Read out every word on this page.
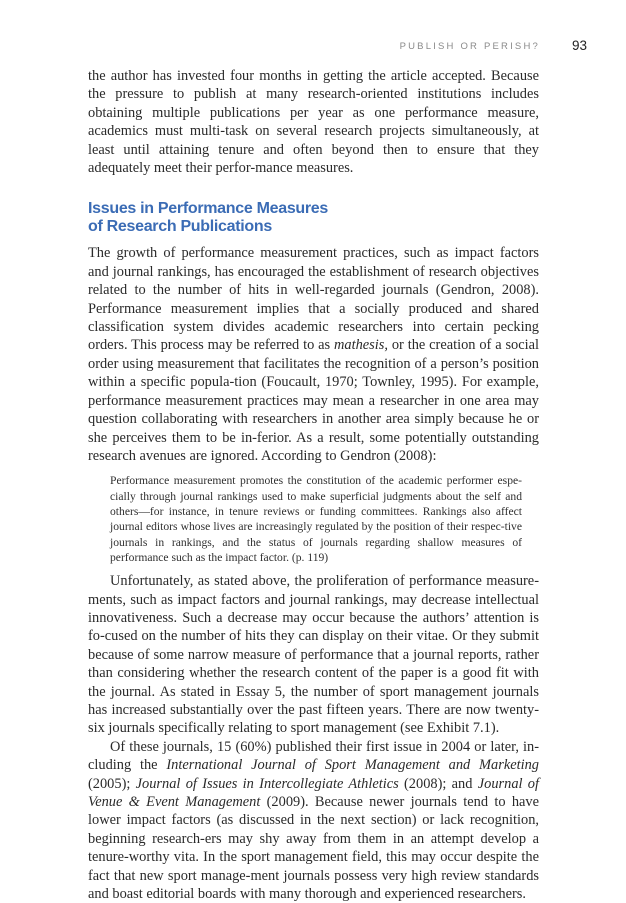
PUBLISH OR PERISH? 93

the author has invested four months in getting the article accepted. Because the pressure to publish at many research-oriented institutions includes obtaining multiple publications per year as one performance measure, academics must multi-task on several research projects simultaneously, at least until attaining tenure and often beyond then to ensure that they adequately meet their perfor-mance measures.

Issues in Performance Measures
of Research Publications

The growth of performance measurement practices, such as impact factors and journal rankings, has encouraged the establishment of research objectives related to the number of hits in well-regarded journals (Gendron, 2008). Performance measurement implies that a socially produced and shared classification system divides academic researchers into certain pecking orders. This process may be referred to as mathesis, or the creation of a social order using measurement that facilitates the recognition of a person’s position within a specific popula-tion (Foucault, 1970; Townley, 1995). For example, performance measurement practices may mean a researcher in one area may question collaborating with researchers in another area simply because he or she perceives them to be in-ferior. As a result, some potentially outstanding research avenues are ignored. According to Gendron (2008):

Performance measurement promotes the constitution of the academic performer espe-cially through journal rankings used to make superficial judgments about the self and others—for instance, in tenure reviews or funding committees. Rankings also affect journal editors whose lives are increasingly regulated by the position of their respec-tive journals in rankings, and the status of journals regarding shallow measures of performance such as the impact factor. (p. 119)

Unfortunately, as stated above, the proliferation of performance measure-ments, such as impact factors and journal rankings, may decrease intellectual innovativeness. Such a decrease may occur because the authors’ attention is fo-cused on the number of hits they can display on their vitae. Or they submit because of some narrow measure of performance that a journal reports, rather than considering whether the research content of the paper is a good fit with the journal. As stated in Essay 5, the number of sport management journals has increased substantially over the past fifteen years. There are now twenty-six journals specifically relating to sport management (see Exhibit 7.1).

Of these journals, 15 (60%) published their first issue in 2004 or later, in-cluding the International Journal of Sport Management and Marketing (2005); Journal of Issues in Intercollegiate Athletics (2008); and Journal of Venue & Event Management (2009). Because newer journals tend to have lower impact factors (as discussed in the next section) or lack recognition, beginning research-ers may shy away from them in an attempt develop a tenure-worthy vita. In the sport management field, this may occur despite the fact that new sport manage-ment journals possess very high review standards and boast editorial boards with many thorough and experienced researchers.
